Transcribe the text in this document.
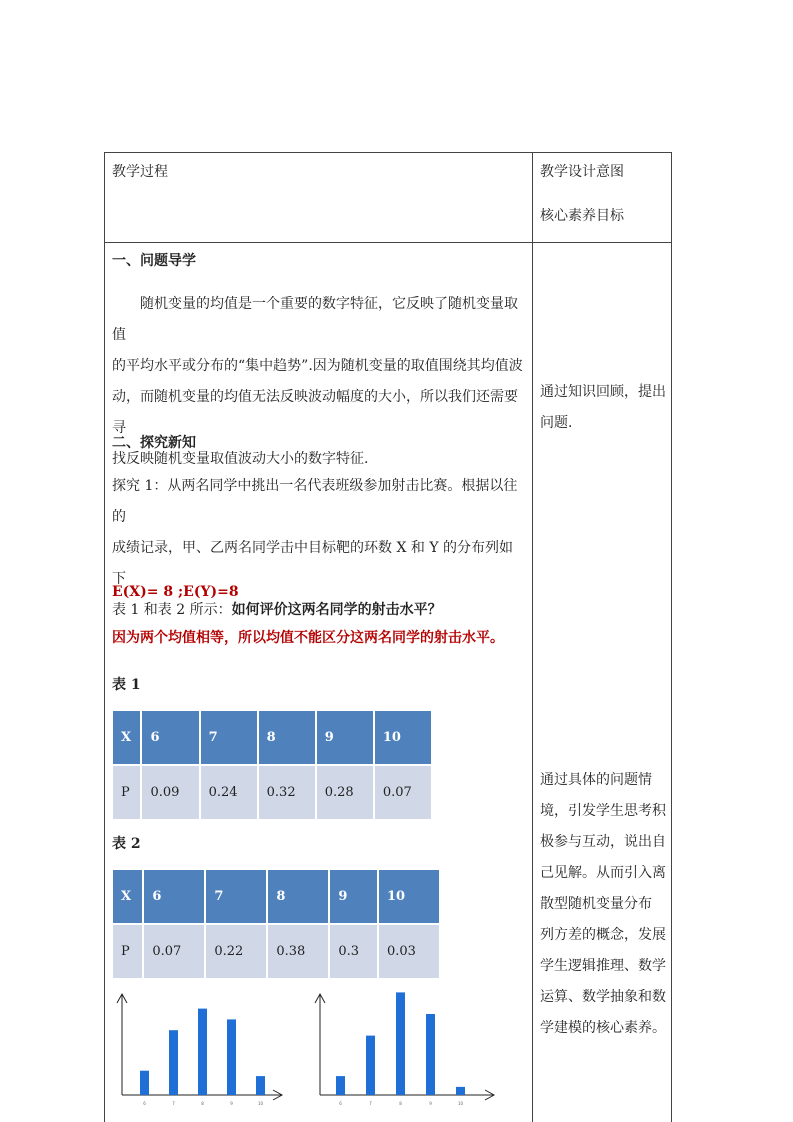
教学过程	教学设计意图
核心素养目标
一、问题导学
随机变量的均值是一个重要的数字特征，它反映了随机变量取值
的平均水平或分布的“集中趋势”.因为随机变量的取值围绕其均值波
动，而随机变量的均值无法反映波动幅度的大小，所以我们还需要寻
找反映随机变量取值波动大小的数字特征.
二、探究新知
探究 1：从两名同学中挑出一名代表班级参加射击比赛。根据以往的
成绩记录，甲、乙两名同学击中目标靶的环数 X 和 Y 的分布列如下
表 1 和表 2 所示：如何评价这两名同学的射击水平？
E(X)= 8 ;E(Y)=8
因为两个均值相等，所以均值不能区分这两名同学的射击水平。
表 1
X	6	7	8	9	10
P	0.09	0.24	0.32	0.28	0.07
表 2
X	6	7	8	9	10
P	0.07	0.22	0.38	0.3	0.03
6	7	8	9	10	6	7	8	9	10
通过知识回顾，提出
问题.
通过具体的问题情
境，引发学生思考积
极参与互动，说出自
己见解。从而引入离
散型随机变量分布
列方差的概念，发展
学生逻辑推理、数学
运算、数学抽象和数
学建模的核心素养。
